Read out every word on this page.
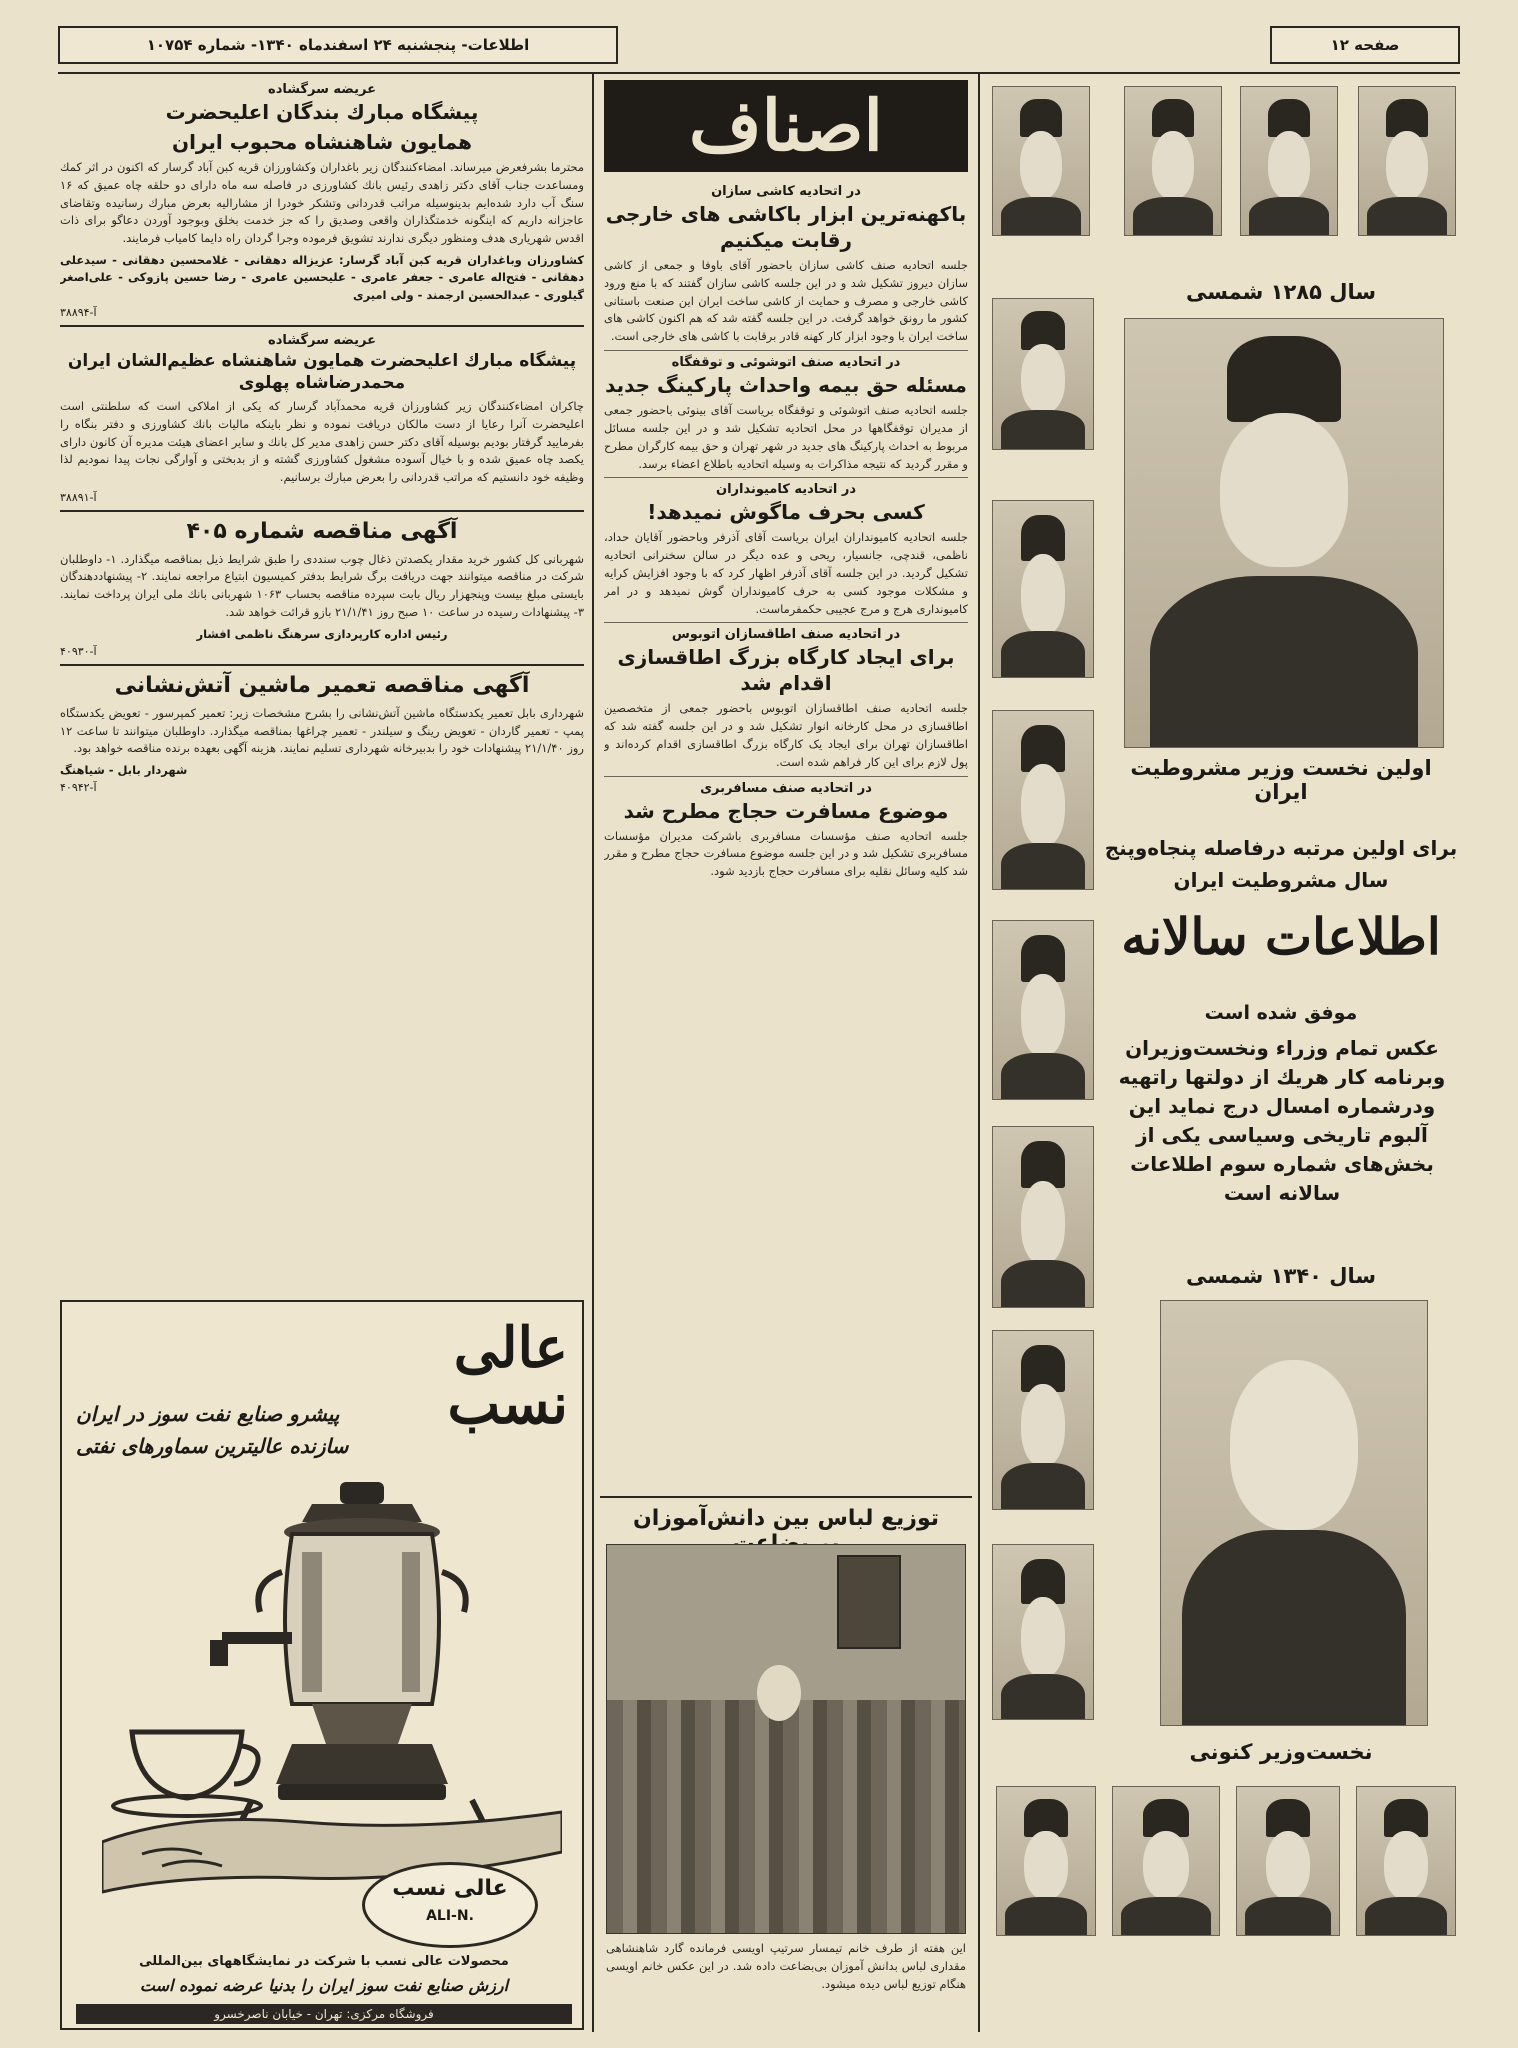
اطلاعات- پنجشنبه ۲۴ اسفندماه ۱۳۴۰- شماره ۱۰۷۵۴	صفحه ۱۲
عریضه سرگشاده
پیشگاه مبارك بندگان اعلیحضرت
همایون شاهنشاه محبوب ایران

محترما بشرفعرض میرساند. امضاءکنندگان زیر باغداران وکشاورزان قریه کبن آباد گرسار که اکنون در اثر کمك ومساعدت جناب آقای دکتر زاهدی رئیس بانك کشاورزی در فاصله سه ماه دارای دو حلقه چاه عمیق که ۱۶ سنگ آب دارد شده‌ایم بدینوسیله مراتب قدردانی وتشکر خودرا از مشارالیه بعرض مبارك رسانیده وتقاضای عاجزانه داریم که اینگونه خدمتگذاران واقعی وصدیق را که جز خدمت بخلق وبوجود آوردن دعاگو برای ذات اقدس شهریاری هدف ومنظور دیگری ندارند تشویق فرموده وجرا گردان راه دایما کامیاب فرمایند.

کشاورزان وباغداران قریه کبن آباد گرسار: عزیزاله دهقانی - غلامحسین دهقانی - سیدعلی دهقانی - فتح‌اله عامری - جعفر عامری - علیحسین عامری - رضا حسین پازوکی - علی‌اصغر گیلوری - عبدالحسین ارجمند - ولی امیری

آ-۳۸۸۹۴
عریضه سرگشاده
پیشگاه مبارك اعلیحضرت همایون شاهنشاه عظیم‌الشان ایران محمدرضاشاه پهلوی

چاکران امضاءکنندگان زیر کشاورزان قریه محمدآباد گرسار که یکی از املاکی است که سلطنتی است اعلیحضرت آنرا رعایا از دست مالکان دریافت نموده و نظر باینکه مالیات بانك کشاورزی و دفتر بنگاه را بفرمایید گرفتار بودیم بوسیله آقای دکتر حسن زاهدی مدیر کل بانك و سایر اعضای هیئت مدیره آن کانون دارای یکصد چاه عمیق شده و با خیال آسوده مشغول کشاورزی گشته و از بدبختی و آوارگی نجات پیدا نمودیم لذا وظیفه خود دانستیم که مراتب قدردانی را بعرض مبارك برسانیم.

آ-۳۸۸۹۱
آگهی مناقصه شماره ۴۰۵

شهربانی کل کشور خرید مقدار یکصدتن ذغال چوب سنددی را طبق شرایط ذیل بمناقصه میگذارد. ۱- داوطلبان شرکت در مناقصه میتوانند جهت دریافت برگ شرایط بدفتر کمیسیون ابتیاع مراجعه نمایند. ۲- پیشنهاددهندگان بایستی مبلغ بیست وپنجهزار ریال بابت سپرده مناقصه بحساب ۱۰۶۳ شهربانی بانك ملی ایران پرداخت نمایند. ۳- پیشنهادات رسیده در ساعت ۱۰ صبح روز ۲۱/۱/۴۱ بازو قرائت خواهد شد.

رئیس اداره کارپردازی سرهنگ ناظمی افشار

آ-۴۰۹۳۰
آگهی مناقصه تعمیر ماشین آتش‌نشانی

شهرداری بابل تعمیر یکدستگاه ماشین آتش‌نشانی را بشرح مشخصات زیر: تعمیر کمپرسور - تعویض یکدستگاه پمپ - تعمیر گاردان - تعویض رینگ و سیلندر - تعمیر چراغها بمناقصه میگذارد. داوطلبان میتوانند تا ساعت ۱۲ روز ۲۱/۱/۴۰ پیشنهادات خود را بدبیرخانه شهرداری تسلیم نمایند. هزینه آگهی بعهده برنده مناقصه خواهد بود.

شهردار بابل - شیاهنگ

آ-۴۰۹۴۲
عالی نسب
پیشرو صنایع نفت سوز در ایران
سازنده عالیترین سماورهای نفتی
عالی نسب
ALI-N.
محصولات عالی نسب با شرکت در نمایشگاههای بین‌المللی
ارزش صنایع نفت سوز ایران را بدنیا عرضه نموده است
فروشگاه مرکزی: تهران - خیابان ناصرخسرو
اصناف
در اتحادیه کاشی سازان
باکهنه‌ترین ابزار باکاشی های خارجی رقابت میکنیم

جلسه اتحادیه صنف کاشی سازان باحضور آقای باوفا و جمعی از کاشی سازان دیروز تشکیل شد و در این جلسه کاشی سازان گفتند که با منع ورود کاشی خارجی و مصرف و حمایت از کاشی ساخت ایران این صنعت باستانی کشور ما رونق خواهد گرفت. در این جلسه گفته شد که هم اکنون کاشی های ساخت ایران با وجود ابزار کار کهنه قادر برقابت با کاشی های خارجی است.

در اتحادیه صنف اتوشوئی و توقفگاه
مسئله حق بیمه واحداث پارکینگ جدید

جلسه اتحادیه صنف اتوشوئی و توقفگاه بریاست آقای بینوئی باحضور جمعی از مدیران توقفگاهها در محل اتحادیه تشکیل شد و در این جلسه مسائل مربوط به احداث پارکینگ های جدید در شهر تهران و حق بیمه کارگران مطرح و مقرر گردید که نتیجه مذاکرات به وسیله اتحادیه باطلاع اعضاء برسد.

در اتحادیه کامیونداران
کسی بحرف ماگوش نمیدهد!

جلسه اتحادیه کامیونداران ایران بریاست آقای آذرفر وباحضور آقایان حداد، ناظمی، قندچی، جانسیار، ریحی و عده دیگر در سالن سخنرانی اتحادیه تشکیل گردید. در این جلسه آقای آذرفر اظهار کرد که با وجود افزایش کرایه و مشکلات موجود کسی به حرف کامیونداران گوش نمیدهد و در امر کامیونداری هرج و مرج عجیبی حکمفرماست.

در اتحادیه صنف اطاقسازان اتوبوس
برای ایجاد کارگاه بزرگ اطاقسازی اقدام شد

جلسه اتحادیه صنف اطاقسازان اتوبوس باحضور جمعی از متخصصین اطاقسازی در محل کارخانه انوار تشکیل شد و در این جلسه گفته شد که اطاقسازان تهران برای ایجاد یک کارگاه بزرگ اطاقسازی اقدام کرده‌اند و پول لازم برای این کار فراهم شده است.

در اتحادیه صنف مسافربری
موضوع مسافرت حجاج مطرح شد

جلسه اتحادیه صنف مؤسسات مسافربری باشرکت مدیران مؤسسات مسافربری تشکیل شد و در این جلسه موضوع مسافرت حجاج مطرح و مقرر شد کلیه وسائل نقلیه برای مسافرت حجاج بازدید شود.

توزیع لباس بین دانش‌آموزان

این هفته از طرف خانم تیمسار سرتیپ اویسی فرمانده گارد شاهنشاهی مقداری لباس بدانش آموزان بی‌بضاعت داده شد. در این عکس خانم اویسی هنگام توزیع لباس دیده میشود.

سال ۱۲۸۵ شمسی
اولین نخست وزیر مشروطیت ایران
برای اولین مرتبه درفاصله پنجاه‌وپنج
سال مشروطیت ایران
اطلاعات سالانه
موفق شده است
عکس تمام وزراء ونخست‌وزیران وبرنامه کار هریك از دولتها راتهیه ودرشماره امسال درج نماید این آلبوم تاریخی وسیاسی یکی از بخش‌های شماره سوم اطلاعات سالانه است
سال ۱۳۴۰ شمسی
نخست‌وزیر کنونی
